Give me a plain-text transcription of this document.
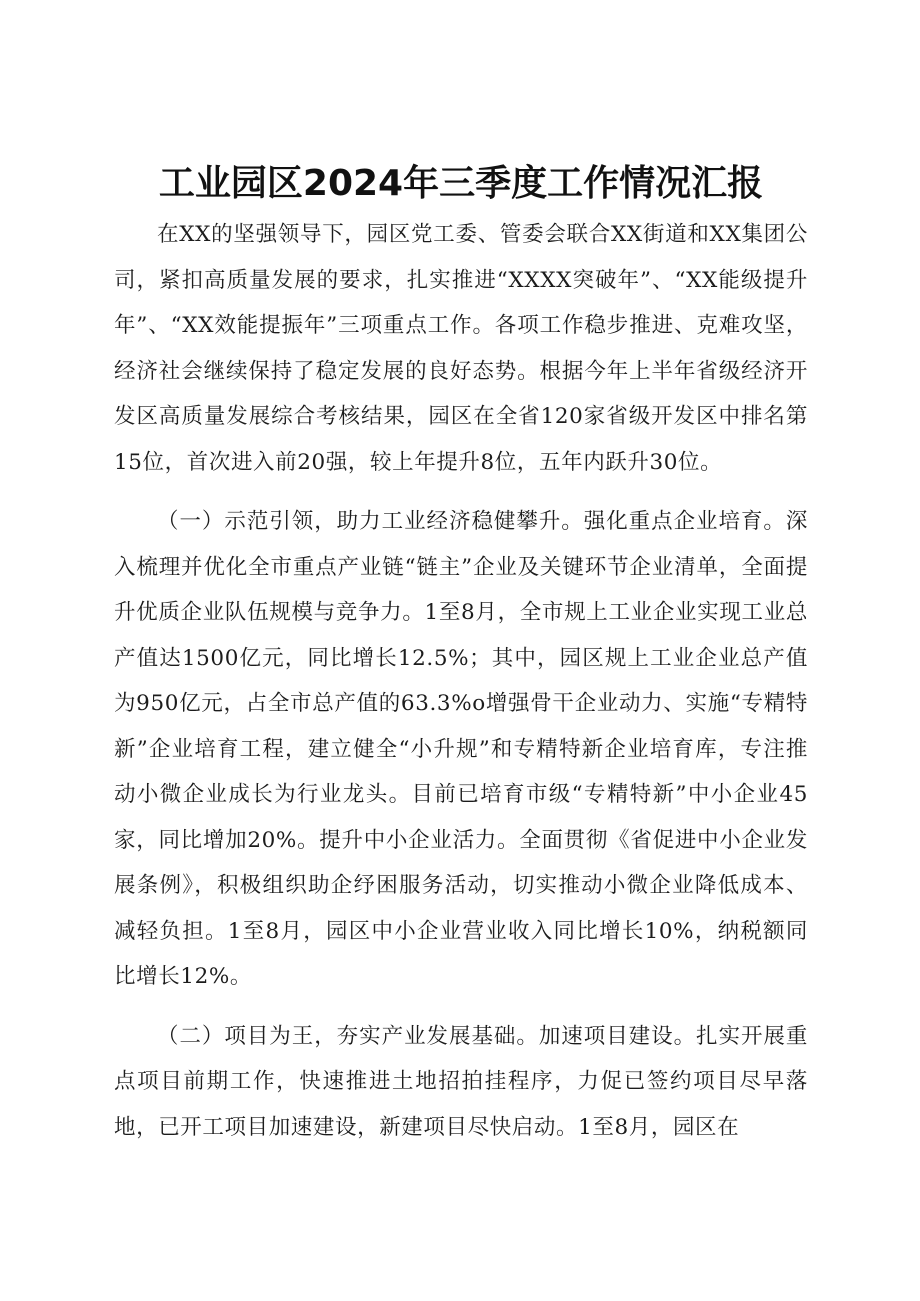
工业园区2024年三季度工作情况汇报

在XX的坚强领导下，园区党工委、管委会联合XX街道和XX集团公司，紧扣高质量发展的要求，扎实推进“XXXX突破年”、“XX能级提升年”、“XX效能提振年”三项重点工作。各项工作稳步推进、克难攻坚，经济社会继续保持了稳定发展的良好态势。根据今年上半年省级经济开发区高质量发展综合考核结果，园区在全省120家省级开发区中排名第15位，首次进入前20强，较上年提升8位，五年内跃升30位。

（一）示范引领，助力工业经济稳健攀升。强化重点企业培育。深入梳理并优化全市重点产业链“链主”企业及关键环节企业清单，全面提升优质企业队伍规模与竞争力。1至8月，全市规上工业企业实现工业总产值达1500亿元，同比增长12.5%；其中，园区规上工业企业总产值为950亿元，占全市总产值的63.3%o增强骨干企业动力、实施“专精特新”企业培育工程，建立健全“小升规”和专精特新企业培育库，专注推动小微企业成长为行业龙头。目前已培育市级“专精特新”中小企业45家，同比增加20%。提升中小企业活力。全面贯彻《省促进中小企业发展条例》，积极组织助企纾困服务活动，切实推动小微企业降低成本、减轻负担。1至8月，园区中小企业营业收入同比增长10%，纳税额同比增长12%。

（二）项目为王，夯实产业发展基础。加速项目建设。扎实开展重点项目前期工作，快速推进土地招拍挂程序，力促已签约项目尽早落地，已开工项目加速建设，新建项目尽快启动。1至8月，园区在
